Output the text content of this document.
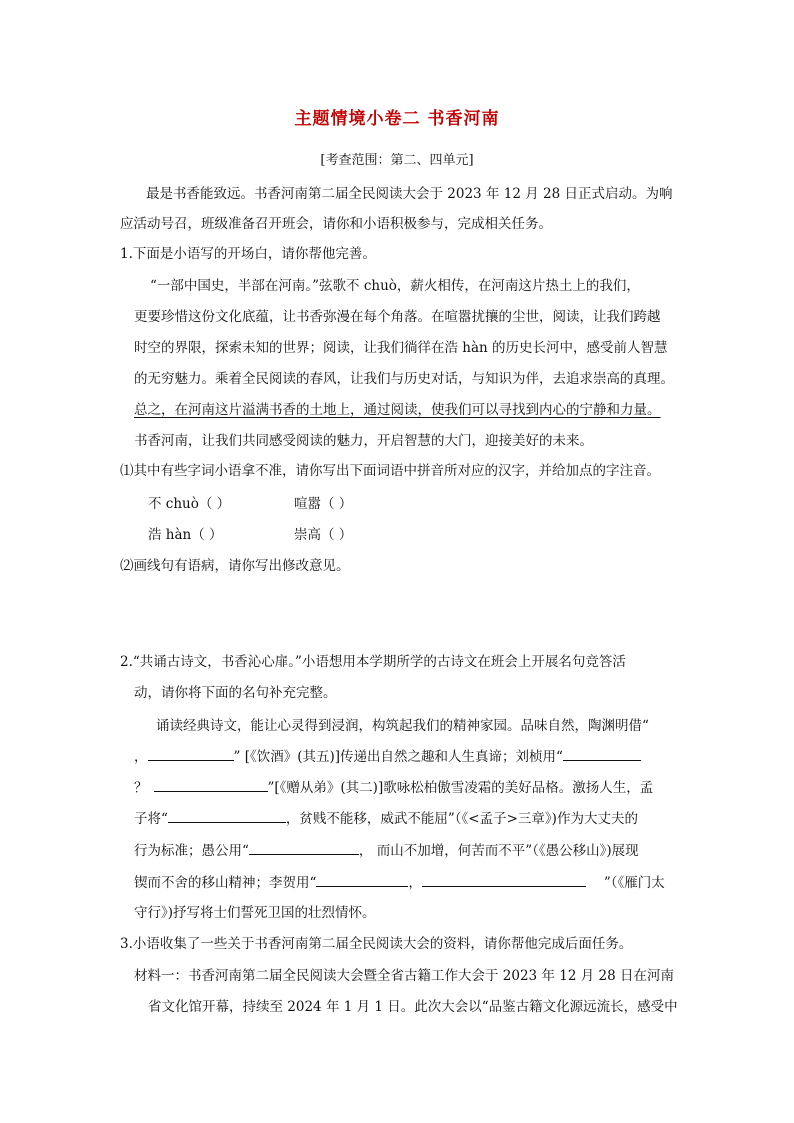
主题情境小卷二 书香河南
[考查范围：第二、四单元]
最是书香能致远。书香河南第二届全民阅读大会于 2023 年 12 月 28 日正式启动。为响
应活动号召，班级准备召开班会，请你和小语积极参与，完成相关任务。
1.下面是小语写的开场白，请你帮他完善。
“一部中国史，半部在河南。”弦歌不 chuò，薪火相传，在河南这片热土上的我们，
更要珍惜这份文化底蕴，让书香弥漫在每个角落。在喧嚣扰攘的尘世，阅读，让我们跨越
时空的界限，探索未知的世界；阅读，让我们徜徉在浩 hàn 的历史长河中，感受前人智慧
的无穷魅力。乘着全民阅读的春风，让我们与历史对话，与知识为伴，去追求崇高的真理。
总之，在河南这片溢满书香的土地上，通过阅读，使我们可以寻找到内心的宁静和力量。
书香河南，让我们共同感受阅读的魅力，开启智慧的大门，迎接美好的未来。
⑴其中有些字词小语拿不准，请你写出下面词语中拼音所对应的汉字，并给加点的字注音。
不 chuò（ ）	喧嚣（ ）
浩 hàn（ ）	崇高（ ）
⑵画线句有语病，请你写出修改意见。
2.“共诵古诗文，书香沁心扉。”小语想用本学期所学的古诗文在班会上开展名句竞答活
动，请你将下面的名句补充完整。
诵读经典诗文，能让心灵得到浸润，构筑起我们的精神家园。品味自然，陶渊明借“
，	” [《饮酒》(其五)]传递出自然之趣和人生真谛；刘桢用“
？	”[《赠从弟》(其二)]歌咏松柏傲雪凌霜的美好品格。激扬人生，孟
子将“	，贫贱不能移，威武不能屈”（《<孟子>三章》)作为大丈夫的
行为标准；愚公用“	， 而山不加增，何苦而不平”（《愚公移山》)展现
锲而不舍的移山精神；李贺用“	，	”（《雁门太
守行》)抒写将士们誓死卫国的壮烈情怀。
3.小语收集了一些关于书香河南第二届全民阅读大会的资料，请你帮他完成后面任务。
材料一：书香河南第二届全民阅读大会暨全省古籍工作大会于 2023 年 12 月 28 日在河南
省文化馆开幕，持续至 2024 年 1 月 1 日。此次大会以“品鉴古籍文化源远流长，感受中
